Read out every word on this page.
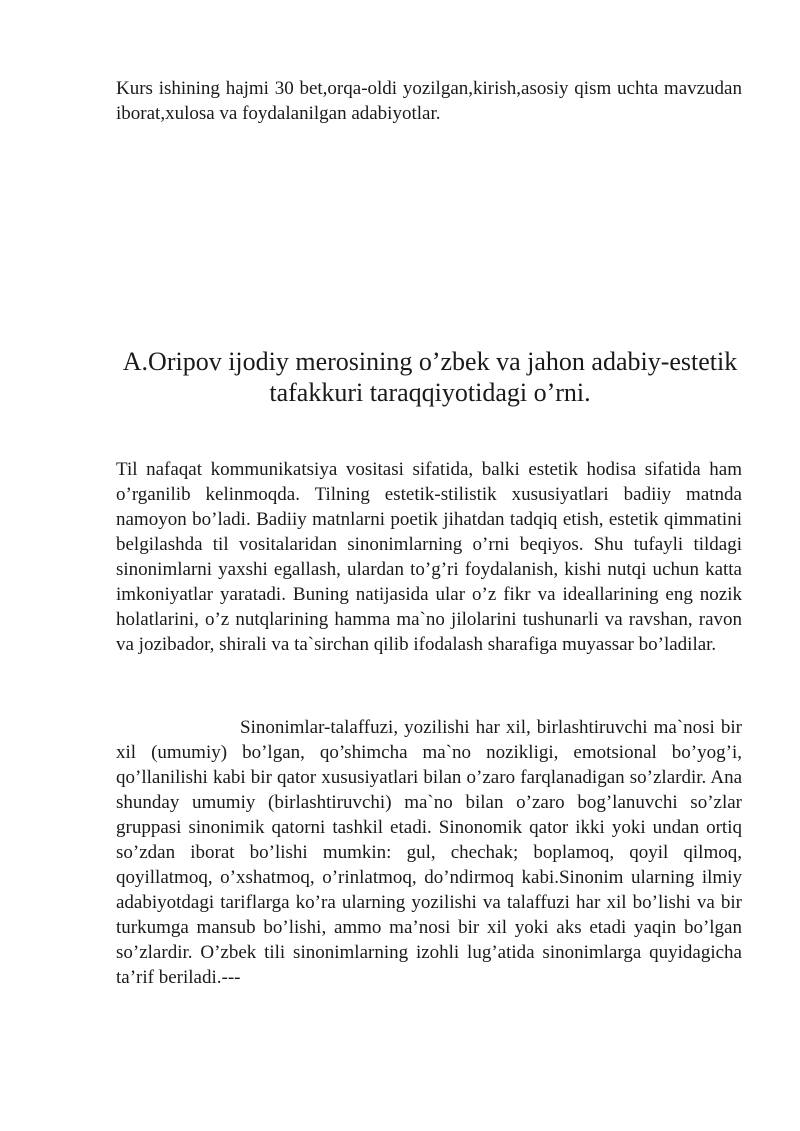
Kurs ishining hajmi 30 bet,orqa-oldi yozilgan,kirish,asosiy qism uchta mavzudan iborat,xulosa va foydalanilgan adabiyotlar.

A.Oripov ijodiy merosining o’zbek va jahon adabiy-estetik tafakkuri taraqqiyotidagi o’rni.

Til nafaqat kommunikatsiya vositasi sifatida, balki estetik hodisa sifatida ham o’rganilib kelinmoqda. Tilning estetik-stilistik xususiyatlari badiiy matnda namoyon bo’ladi. Badiiy matnlarni poetik jihatdan tadqiq etish, estetik qimmatini belgilashda til vositalaridan sinonimlarning o’rni beqiyos. Shu tufayli tildagi sinonimlarni yaxshi egallash, ulardan to’g’ri foydalanish, kishi nutqi uchun katta imkoniyatlar yaratadi. Buning natijasida ular o’z fikr va ideallarining eng nozik holatlarini, o’z nutqlarining hamma ma`no jilolarini tushunarli va ravshan, ravon va jozibador, shirali va ta`sirchan qilib ifodalash sharafiga muyassar bo’ladilar.

Sinonimlar-talaffuzi, yozilishi har xil, birlashtiruvchi ma`nosi bir xil (umumiy) bo’lgan, qo’shimcha ma`no nozikligi, emotsional bo’yog’i, qo’llanilishi kabi bir qator xususiyatlari bilan o’zaro farqlanadigan so’zlardir. Ana shunday umumiy (birlashtiruvchi) ma`no bilan o’zaro bog’lanuvchi so’zlar gruppasi sinonimik qatorni tashkil etadi. Sinonomik qator ikki yoki undan ortiq so’zdan iborat bo’lishi mumkin: gul, chechak; boplamoq, qoyil qilmoq, qoyillatmoq, o’xshatmoq, o’rinlatmoq, do’ndirmoq kabi.Sinonim ularning ilmiy adabiyotdagi tariflarga ko’ra ularning yozilishi va talaffuzi har xil bo’lishi va bir turkumga mansub bo’lishi, ammo ma’nosi bir xil yoki aks etadi yaqin bo’lgan so’zlardir. O’zbek tili sinonimlarning izohli lug’atida sinonimlarga quyidagicha ta’rif beriladi.---
